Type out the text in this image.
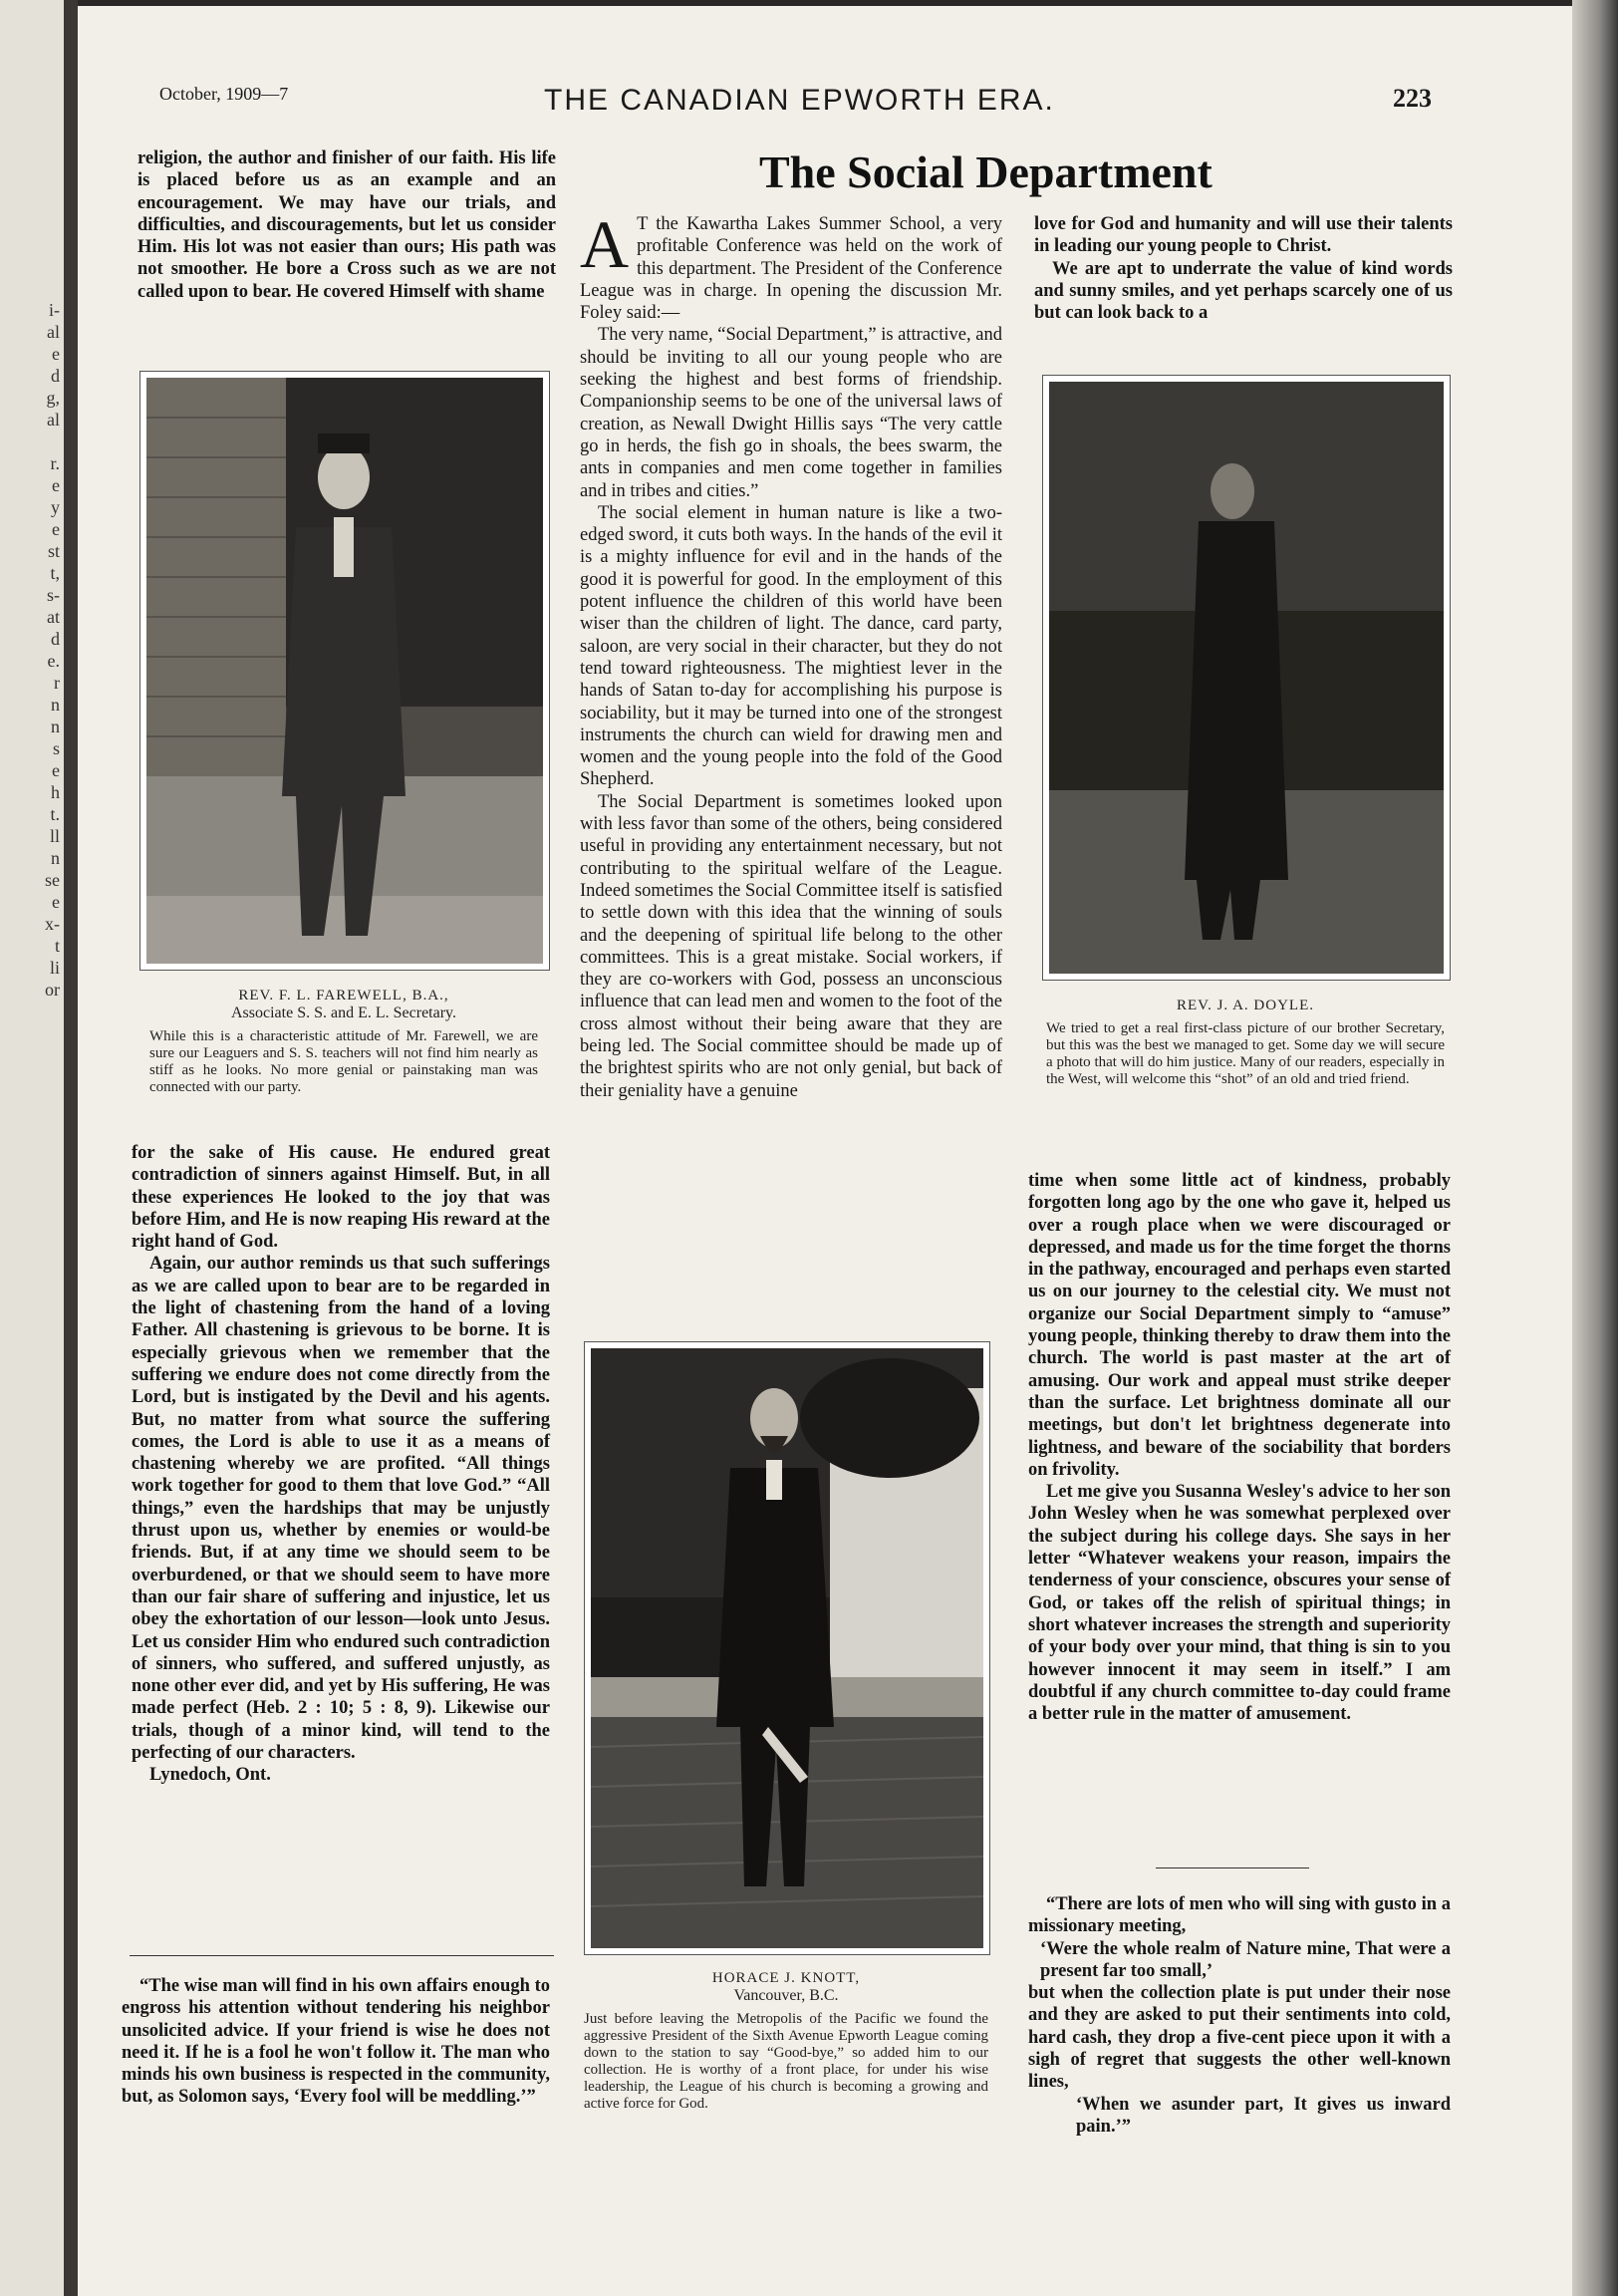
i-
al
e
d
g,
al

r.
e
y
e
st
t,
s-
at
d
e.
r
n
n
s
e
h
t.
ll
n
se
e
x-
t
li
or
October, 1909—7	THE CANADIAN EPWORTH ERA.	223

religion, the author and finisher of our faith. His life is placed before us as an example and an encouragement. We may have our trials, and difficulties, and discouragements, but let us consider Him. His lot was not easier than ours; His path was not smoother. He bore a Cross such as we are not called upon to bear. He covered Himself with shame

REV. F. L. FAREWELL, B.A.,
Associate S. S. and E. L. Secretary.
While this is a characteristic attitude of Mr. Farewell, we are sure our Leaguers and S. S. teachers will not find him nearly as stiff as he looks. No more genial or painstaking man was connected with our party.

for the sake of His cause. He endured great contradiction of sinners against Himself. But, in all these experiences He looked to the joy that was before Him, and He is now reaping His reward at the right hand of God.

Again, our author reminds us that such sufferings as we are called upon to bear are to be regarded in the light of chastening from the hand of a loving Father. All chastening is grievous to be borne. It is especially grievous when we remember that the suffering we endure does not come directly from the Lord, but is instigated by the Devil and his agents. But, no matter from what source the suffering comes, the Lord is able to use it as a means of chastening whereby we are profited. “All things work together for good to them that love God.” “All things,” even the hardships that may be unjustly thrust upon us, whether by enemies or would-be friends. But, if at any time we should seem to be overburdened, or that we should seem to have more than our fair share of suffering and injustice, let us obey the exhortation of our lesson—look unto Jesus. Let us consider Him who endured such contradiction of sinners, who suffered, and suffered unjustly, as none other ever did, and yet by His suffering, He was made perfect (Heb. 2 : 10; 5 : 8, 9). Likewise our trials, though of a minor kind, will tend to the perfecting of our characters.

Lynedoch, Ont.

“The wise man will find in his own affairs enough to engross his attention without tendering his neighbor unsolicited advice. If your friend is wise he does not need it. If he is a fool he won't follow it. The man who minds his own business is respected in the community, but, as Solomon says, ‘Every fool will be meddling.’”

The Social Department

A T the Kawartha Lakes Summer School, a very profitable Conference was held on the work of this department. The President of the Conference League was in charge. In opening the discussion Mr. Foley said:—

The very name, “Social Department,” is attractive, and should be inviting to all our young people who are seeking the highest and best forms of friendship. Companionship seems to be one of the universal laws of creation, as Newall Dwight Hillis says “The very cattle go in herds, the fish go in shoals, the bees swarm, the ants in companies and men come together in families and in tribes and cities.”

The social element in human nature is like a two-edged sword, it cuts both ways. In the hands of the evil it is a mighty influence for evil and in the hands of the good it is powerful for good. In the employment of this potent influence the children of this world have been wiser than the children of light. The dance, card party, saloon, are very social in their character, but they do not tend toward righteousness. The mightiest lever in the hands of Satan to-day for accomplishing his purpose is sociability, but it may be turned into one of the strongest instruments the church can wield for drawing men and women and the young people into the fold of the Good Shepherd.

The Social Department is sometimes looked upon with less favor than some of the others, being considered useful in providing any entertainment necessary, but not contributing to the spiritual welfare of the League. Indeed sometimes the Social Committee itself is satisfied to settle down with this idea that the winning of souls and the deepening of spiritual life belong to the other committees. This is a great mistake. Social workers, if they are co-workers with God, possess an unconscious influence that can lead men and women to the foot of the cross almost without their being aware that they are being led. The Social committee should be made up of the brightest spirits who are not only genial, but back of their geniality have a genuine

HORACE J. KNOTT,
Vancouver, B.C.
Just before leaving the Metropolis of the Pacific we found the aggressive President of the Sixth Avenue Epworth League coming down to the station to say “Good-bye,” so added him to our collection. He is worthy of a front place, for under his wise leadership, the League of his church is becoming a growing and active force for God.

love for God and humanity and will use their talents in leading our young people to Christ.

We are apt to underrate the value of kind words and sunny smiles, and yet perhaps scarcely one of us but can look back to a

REV. J. A. DOYLE.
We tried to get a real first-class picture of our brother Secretary, but this was the best we managed to get. Some day we will secure a photo that will do him justice. Many of our readers, especially in the West, will welcome this “shot” of an old and tried friend.

time when some little act of kindness, probably forgotten long ago by the one who gave it, helped us over a rough place when we were discouraged or depressed, and made us for the time forget the thorns in the pathway, encouraged and perhaps even started us on our journey to the celestial city. We must not organize our Social Department simply to “amuse” young people, thinking thereby to draw them into the church. The world is past master at the art of amusing. Our work and appeal must strike deeper than the surface. Let brightness dominate all our meetings, but don't let brightness degenerate into lightness, and beware of the sociability that borders on frivolity.

Let me give you Susanna Wesley's advice to her son John Wesley when he was somewhat perplexed over the subject during his college days. She says in her letter “Whatever weakens your reason, impairs the tenderness of your conscience, obscures your sense of God, or takes off the relish of spiritual things; in short whatever increases the strength and superiority of your body over your mind, that thing is sin to you however innocent it may seem in itself.” I am doubtful if any church committee to-day could frame a better rule in the matter of amusement.

“There are lots of men who will sing with gusto in a missionary meeting,

‘Were the whole realm of Nature mine, That were a present far too small,’

but when the collection plate is put under their nose and they are asked to put their sentiments into cold, hard cash, they drop a five-cent piece upon it with a sigh of regret that suggests the other well-known lines,

‘When we asunder part, It gives us inward pain.’”
